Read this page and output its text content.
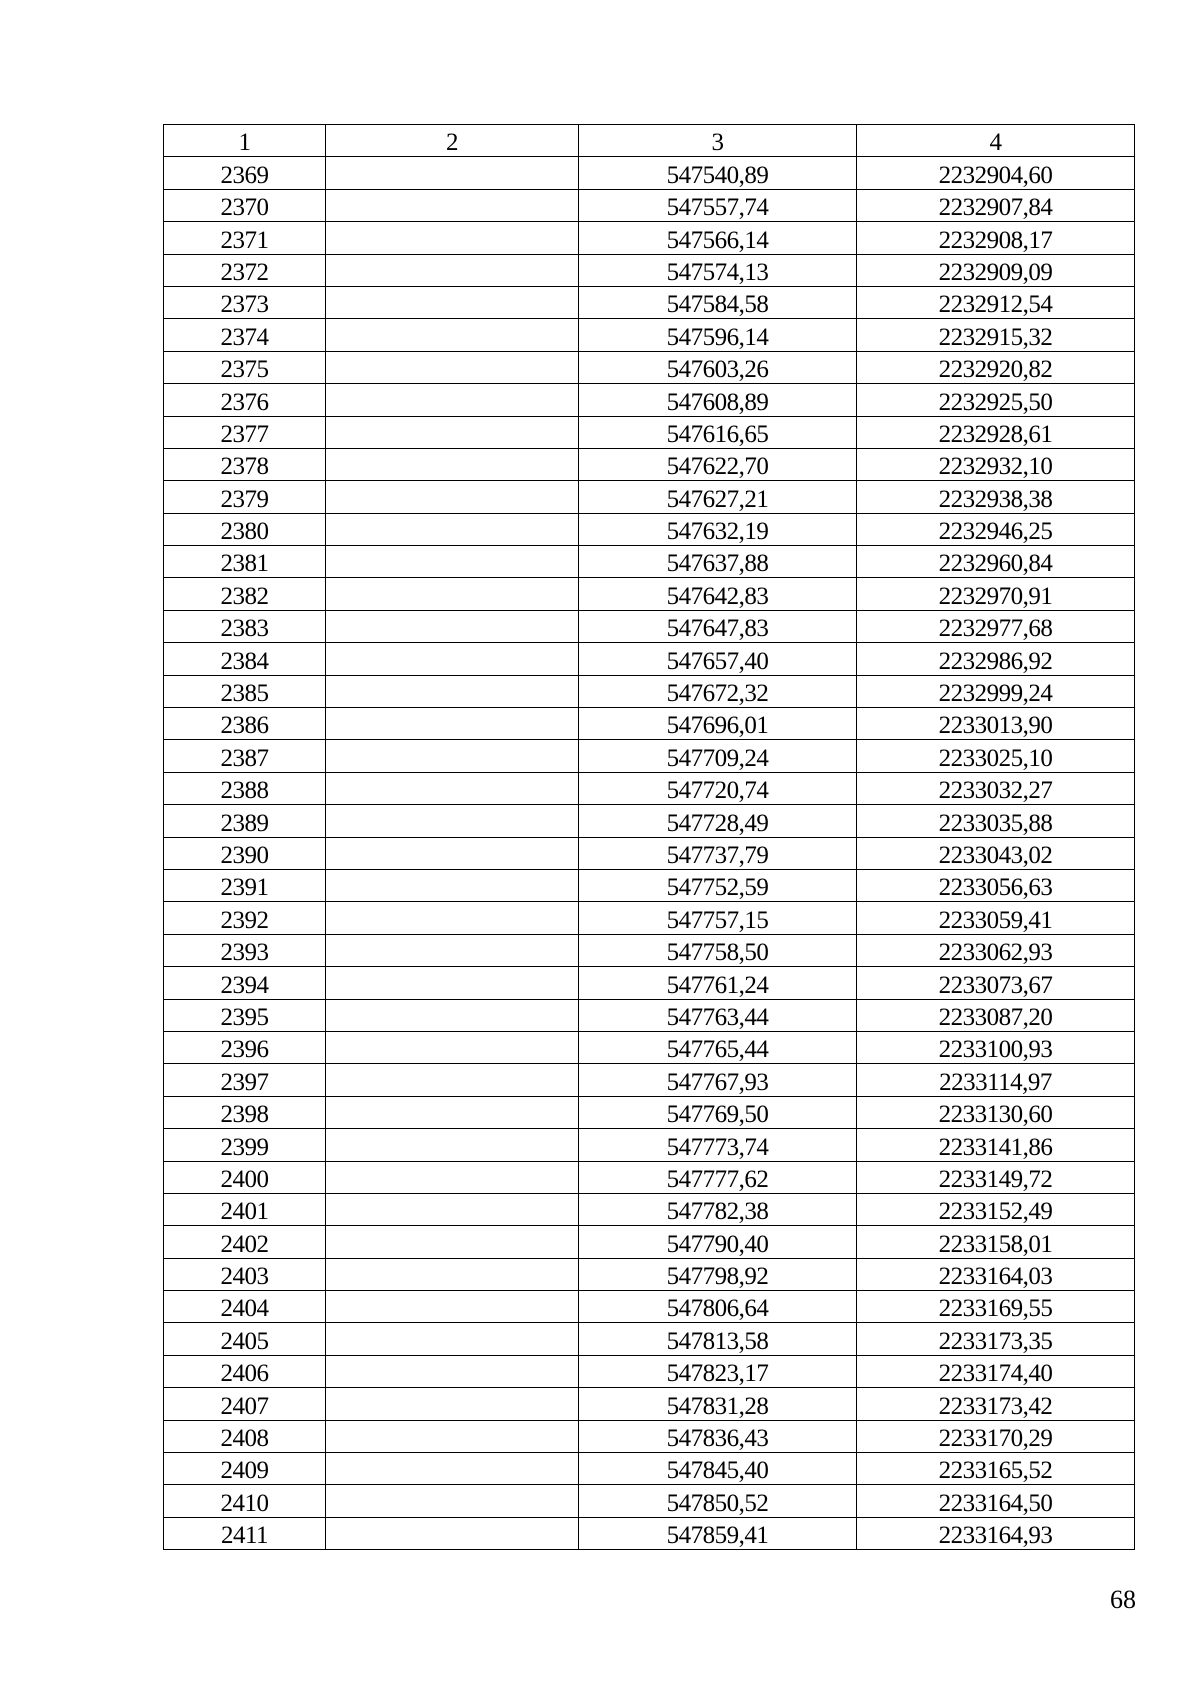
1	2	3	4
2369		547540,89	2232904,60
2370		547557,74	2232907,84
2371		547566,14	2232908,17
2372		547574,13	2232909,09
2373		547584,58	2232912,54
2374		547596,14	2232915,32
2375		547603,26	2232920,82
2376		547608,89	2232925,50
2377		547616,65	2232928,61
2378		547622,70	2232932,10
2379		547627,21	2232938,38
2380		547632,19	2232946,25
2381		547637,88	2232960,84
2382		547642,83	2232970,91
2383		547647,83	2232977,68
2384		547657,40	2232986,92
2385		547672,32	2232999,24
2386		547696,01	2233013,90
2387		547709,24	2233025,10
2388		547720,74	2233032,27
2389		547728,49	2233035,88
2390		547737,79	2233043,02
2391		547752,59	2233056,63
2392		547757,15	2233059,41
2393		547758,50	2233062,93
2394		547761,24	2233073,67
2395		547763,44	2233087,20
2396		547765,44	2233100,93
2397		547767,93	2233114,97
2398		547769,50	2233130,60
2399		547773,74	2233141,86
2400		547777,62	2233149,72
2401		547782,38	2233152,49
2402		547790,40	2233158,01
2403		547798,92	2233164,03
2404		547806,64	2233169,55
2405		547813,58	2233173,35
2406		547823,17	2233174,40
2407		547831,28	2233173,42
2408		547836,43	2233170,29
2409		547845,40	2233165,52
2410		547850,52	2233164,50
2411		547859,41	2233164,93
68
